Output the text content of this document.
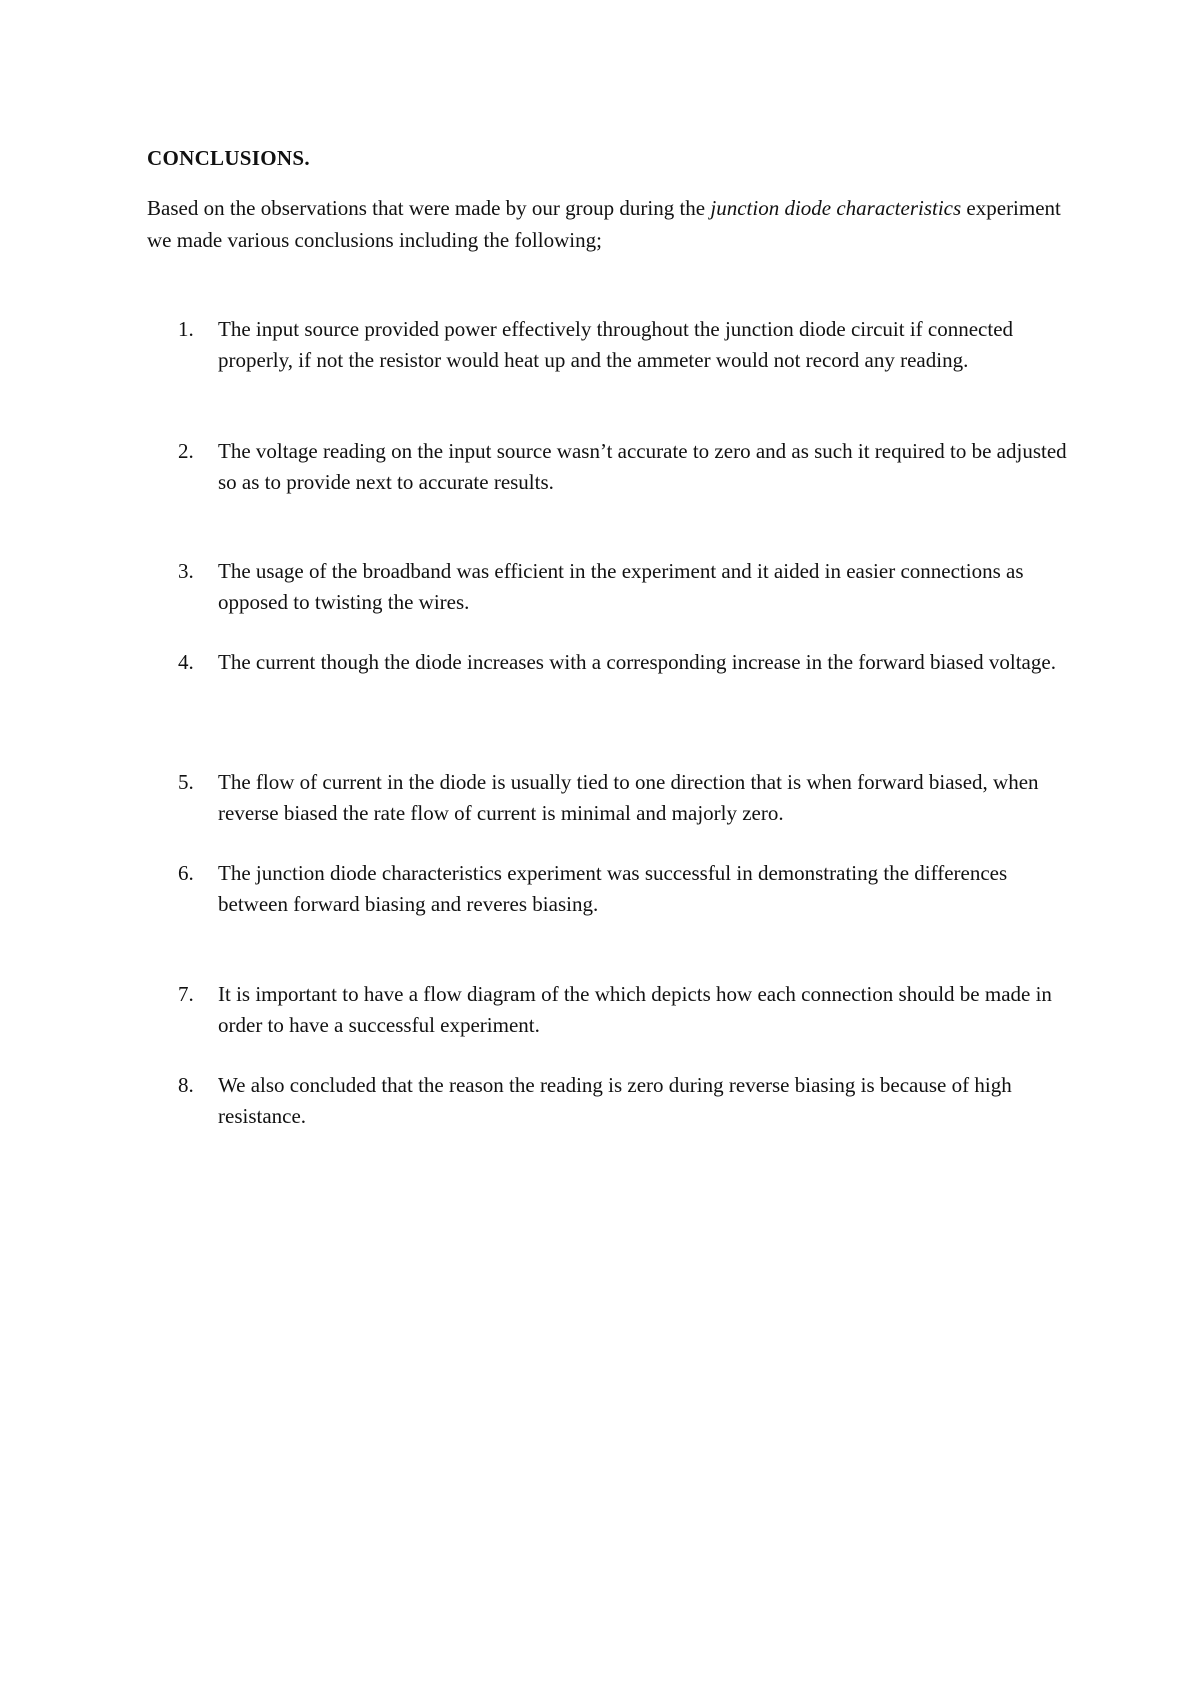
CONCLUSIONS.

Based on the observations that were made by our group during the junction diode characteristics experiment we made various conclusions including the following;

1.	The input source provided power effectively throughout the junction diode circuit if connected properly, if not the resistor would heat up and the ammeter would not record any reading.
2.	The voltage reading on the input source wasn’t accurate to zero and as such it required to be adjusted so as to provide next to accurate results.
3.	The usage of the broadband was efficient in the experiment and it aided in easier connections as opposed to twisting the wires.
4.	The current though the diode increases with a corresponding increase in the forward biased voltage.
5.	The flow of current in the diode is usually tied to one direction that is when forward biased, when reverse biased the rate flow of current is minimal and majorly zero.
6.	The junction diode characteristics experiment was successful in demonstrating the differences between forward biasing and reveres biasing.
7.	It is important to have a flow diagram of the which depicts how each connection should be made in order to have a successful experiment.
8.	We also concluded that the reason the reading is zero during reverse biasing is because of high resistance.
